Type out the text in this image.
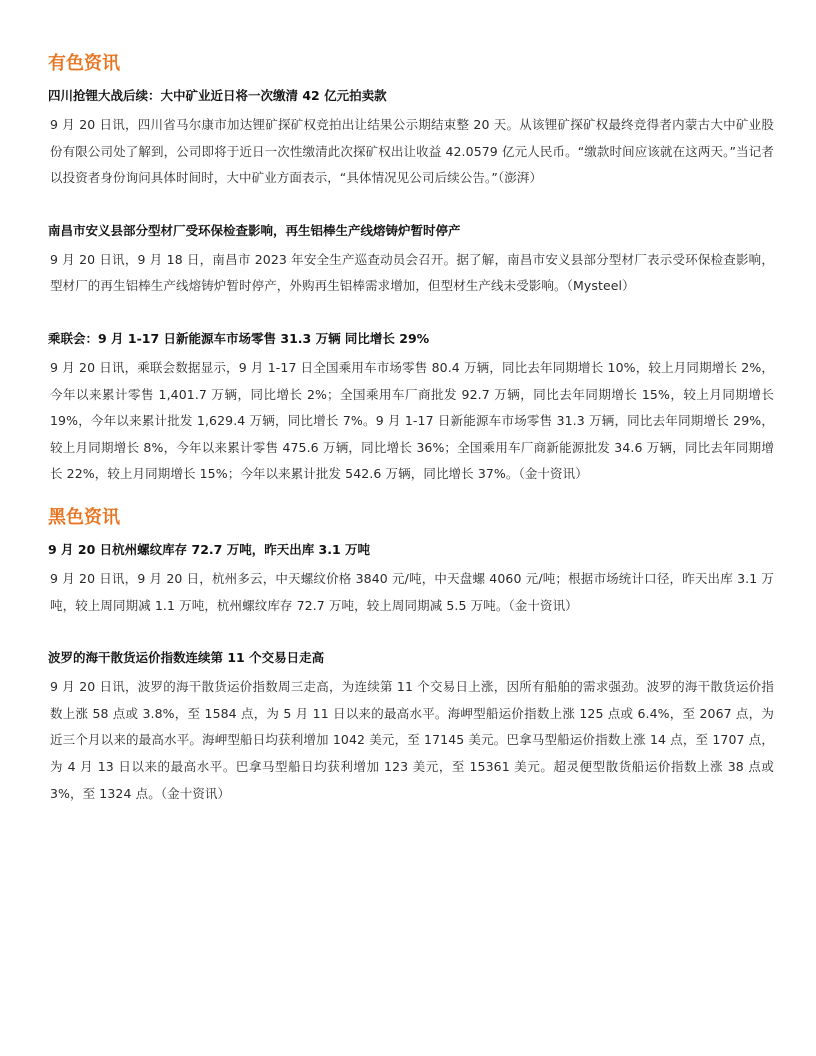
有色资讯
四川抢锂大战后续：大中矿业近日将一次缴清 42 亿元拍卖款

9 月 20 日讯，四川省马尔康市加达锂矿探矿权竞拍出让结果公示期结束整 20 天。从该锂矿探矿权最终竞得者内蒙古大中矿业股份有限公司处了解到，公司即将于近日一次性缴清此次探矿权出让收益 42.0579 亿元人民币。“缴款时间应该就在这两天。”当记者以投资者身份询问具体时间时，大中矿业方面表示，“具体情况见公司后续公告。”（澎湃）

南昌市安义县部分型材厂受环保检查影响，再生铝棒生产线熔铸炉暂时停产

9 月 20 日讯，9 月 18 日，南昌市 2023 年安全生产巡查动员会召开。据了解，南昌市安义县部分型材厂表示受环保检查影响，型材厂的再生铝棒生产线熔铸炉暂时停产，外购再生铝棒需求增加，但型材生产线未受影响。（Mysteel）

乘联会：9 月 1-17 日新能源车市场零售 31.3 万辆 同比增长 29%

9 月 20 日讯，乘联会数据显示，9 月 1-17 日全国乘用车市场零售 80.4 万辆，同比去年同期增长 10%，较上月同期增长 2%，今年以来累计零售 1,401.7 万辆，同比增长 2%；全国乘用车厂商批发 92.7 万辆，同比去年同期增长 15%，较上月同期增长 19%，今年以来累计批发 1,629.4 万辆，同比增长 7%。9 月 1-17 日新能源车市场零售 31.3 万辆，同比去年同期增长 29%，较上月同期增长 8%，今年以来累计零售 475.6 万辆，同比增长 36%；全国乘用车厂商新能源批发 34.6 万辆，同比去年同期增长 22%，较上月同期增长 15%；今年以来累计批发 542.6 万辆，同比增长 37%。（金十资讯）

黑色资讯
9 月 20 日杭州螺纹库存 72.7 万吨，昨天出库 3.1 万吨

9 月 20 日讯，9 月 20 日，杭州多云，中天螺纹价格 3840 元/吨，中天盘螺 4060 元/吨；根据市场统计口径，昨天出库 3.1 万吨，较上周同期减 1.1 万吨，杭州螺纹库存 72.7 万吨，较上周同期减 5.5 万吨。（金十资讯）

波罗的海干散货运价指数连续第 11 个交易日走高

9 月 20 日讯，波罗的海干散货运价指数周三走高，为连续第 11 个交易日上涨，因所有船舶的需求强劲。波罗的海干散货运价指数上涨 58 点或 3.8%，至 1584 点，为 5 月 11 日以来的最高水平。海岬型船运价指数上涨 125 点或 6.4%，至 2067 点，为近三个月以来的最高水平。海岬型船日均获利增加 1042 美元，至 17145 美元。巴拿马型船运价指数上涨 14 点，至 1707 点，为 4 月 13 日以来的最高水平。巴拿马型船日均获利增加 123 美元，至 15361 美元。超灵便型散货船运价指数上涨 38 点或 3%，至 1324 点。（金十资讯）
